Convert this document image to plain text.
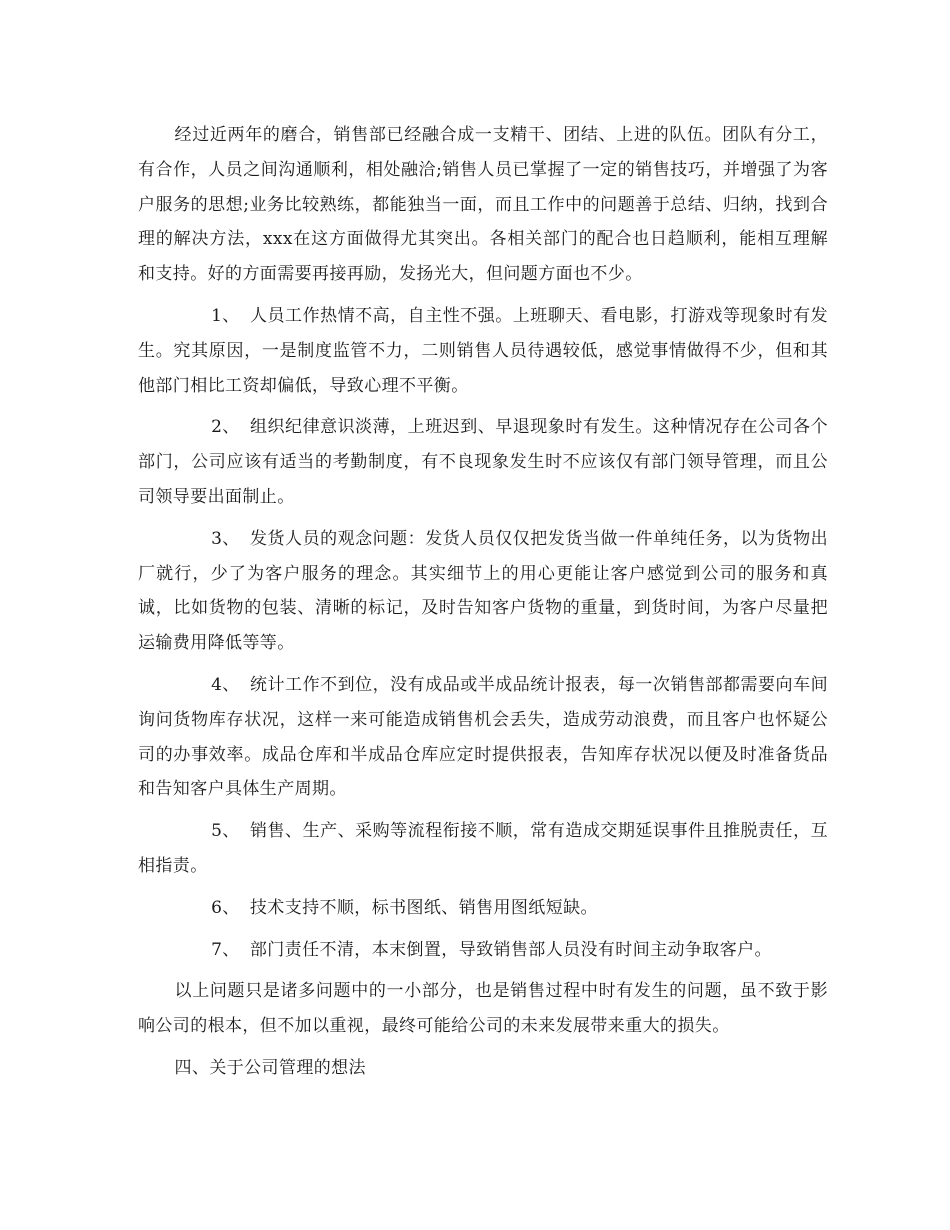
经过近两年的磨合，销售部已经融合成一支精干、团结、上进的队伍。团队有分工，有合作，人员之间沟通顺利，相处融洽;销售人员已掌握了一定的销售技巧，并增强了为客户服务的思想;业务比较熟练，都能独当一面，而且工作中的问题善于总结、归纳，找到合理的解决方法，xxx在这方面做得尤其突出。各相关部门的配合也日趋顺利，能相互理解和支持。好的方面需要再接再励，发扬光大，但问题方面也不少。

1、 人员工作热情不高，自主性不强。上班聊天、看电影，打游戏等现象时有发生。究其原因，一是制度监管不力，二则销售人员待遇较低，感觉事情做得不少，但和其他部门相比工资却偏低，导致心理不平衡。

2、 组织纪律意识淡薄，上班迟到、早退现象时有发生。这种情况存在公司各个部门，公司应该有适当的考勤制度，有不良现象发生时不应该仅有部门领导管理，而且公司领导要出面制止。

3、 发货人员的观念问题：发货人员仅仅把发货当做一件单纯任务，以为货物出厂就行，少了为客户服务的理念。其实细节上的用心更能让客户感觉到公司的服务和真诚，比如货物的包装、清晰的标记，及时告知客户货物的重量，到货时间，为客户尽量把运输费用降低等等。

4、 统计工作不到位，没有成品或半成品统计报表，每一次销售部都需要向车间询问货物库存状况，这样一来可能造成销售机会丢失，造成劳动浪费，而且客户也怀疑公司的办事效率。成品仓库和半成品仓库应定时提供报表，告知库存状况以便及时准备货品和告知客户具体生产周期。

5、 销售、生产、采购等流程衔接不顺，常有造成交期延误事件且推脱责任，互相指责。

6、 技术支持不顺，标书图纸、销售用图纸短缺。

7、 部门责任不清，本末倒置，导致销售部人员没有时间主动争取客户。

以上问题只是诸多问题中的一小部分，也是销售过程中时有发生的问题，虽不致于影响公司的根本，但不加以重视，最终可能给公司的未来发展带来重大的损失。

四、关于公司管理的想法
